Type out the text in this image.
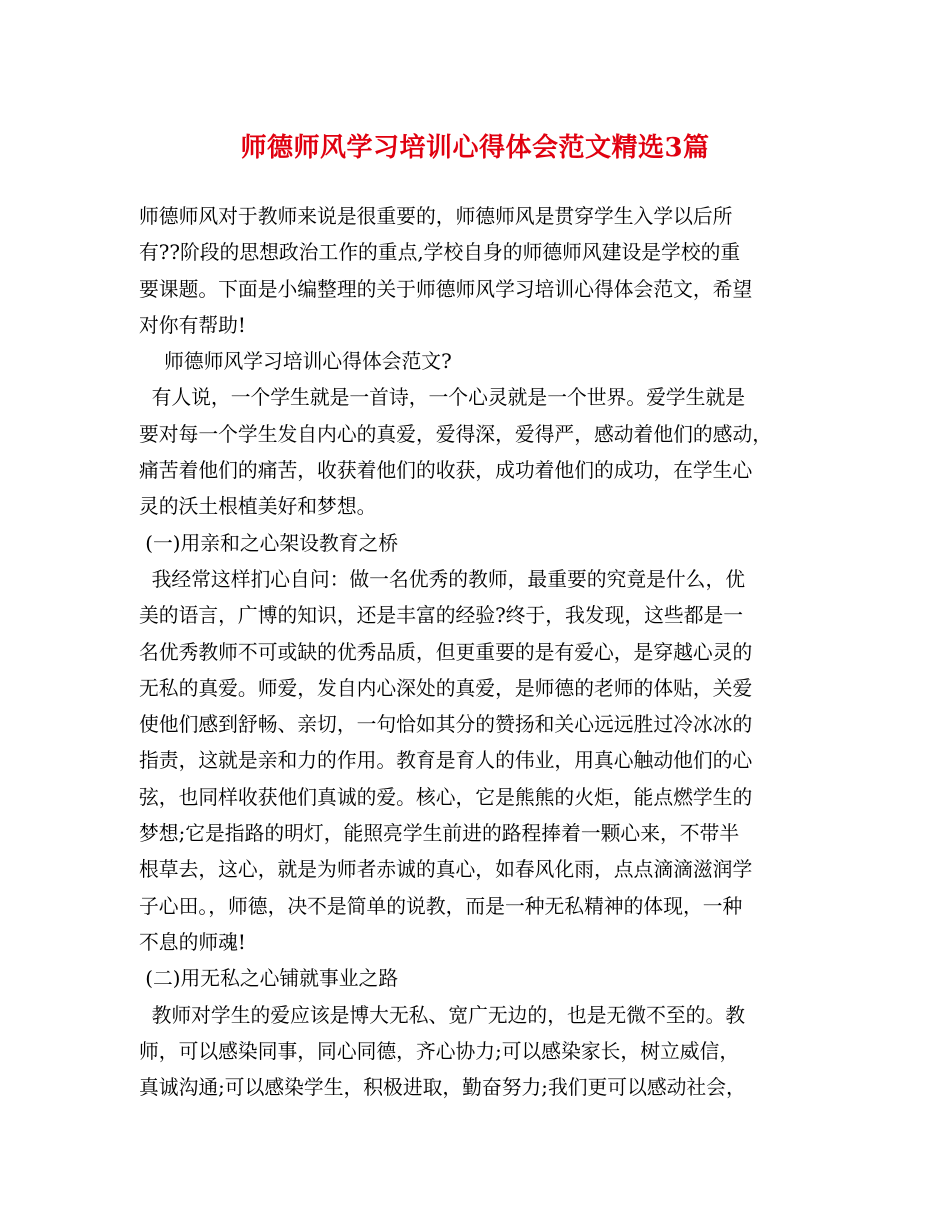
师德师风学习培训心得体会范文精选3篇
师德师风对于教师来说是很重要的，师德师风是贯穿学生入学以后所
有??阶段的思想政治工作的重点,学校自身的师德师风建设是学校的重
要课题。下面是小编整理的关于师德师风学习培训心得体会范文，希望
对你有帮助!
师德师风学习培训心得体会范文?
有人说，一个学生就是一首诗，一个心灵就是一个世界。爱学生就是
要对每一个学生发自内心的真爱，爱得深，爱得严，感动着他们的感动，
痛苦着他们的痛苦，收获着他们的收获，成功着他们的成功，在学生心
灵的沃土根植美好和梦想。
(一)用亲和之心架设教育之桥
我经常这样扪心自问：做一名优秀的教师，最重要的究竟是什么，优
美的语言，广博的知识，还是丰富的经验?终于，我发现，这些都是一
名优秀教师不可或缺的优秀品质，但更重要的是有爱心，是穿越心灵的
无私的真爱。师爱，发自内心深处的真爱，是师德的老师的体贴，关爱
使他们感到舒畅、亲切，一句恰如其分的赞扬和关心远远胜过冷冰冰的
指责，这就是亲和力的作用。教育是育人的伟业，用真心触动他们的心
弦，也同样收获他们真诚的爱。核心，它是熊熊的火炬，能点燃学生的
梦想;它是指路的明灯，能照亮学生前进的路程捧着一颗心来，不带半
根草去，这心，就是为师者赤诚的真心，如春风化雨，点点滴滴滋润学
子心田。，师德，决不是简单的说教，而是一种无私精神的体现，一种
不息的师魂!
(二)用无私之心铺就事业之路
教师对学生的爱应该是博大无私、宽广无边的，也是无微不至的。教
师，可以感染同事，同心同德，齐心协力;可以感染家长，树立威信，
真诚沟通;可以感染学生，积极进取，勤奋努力;我们更可以感动社会，
